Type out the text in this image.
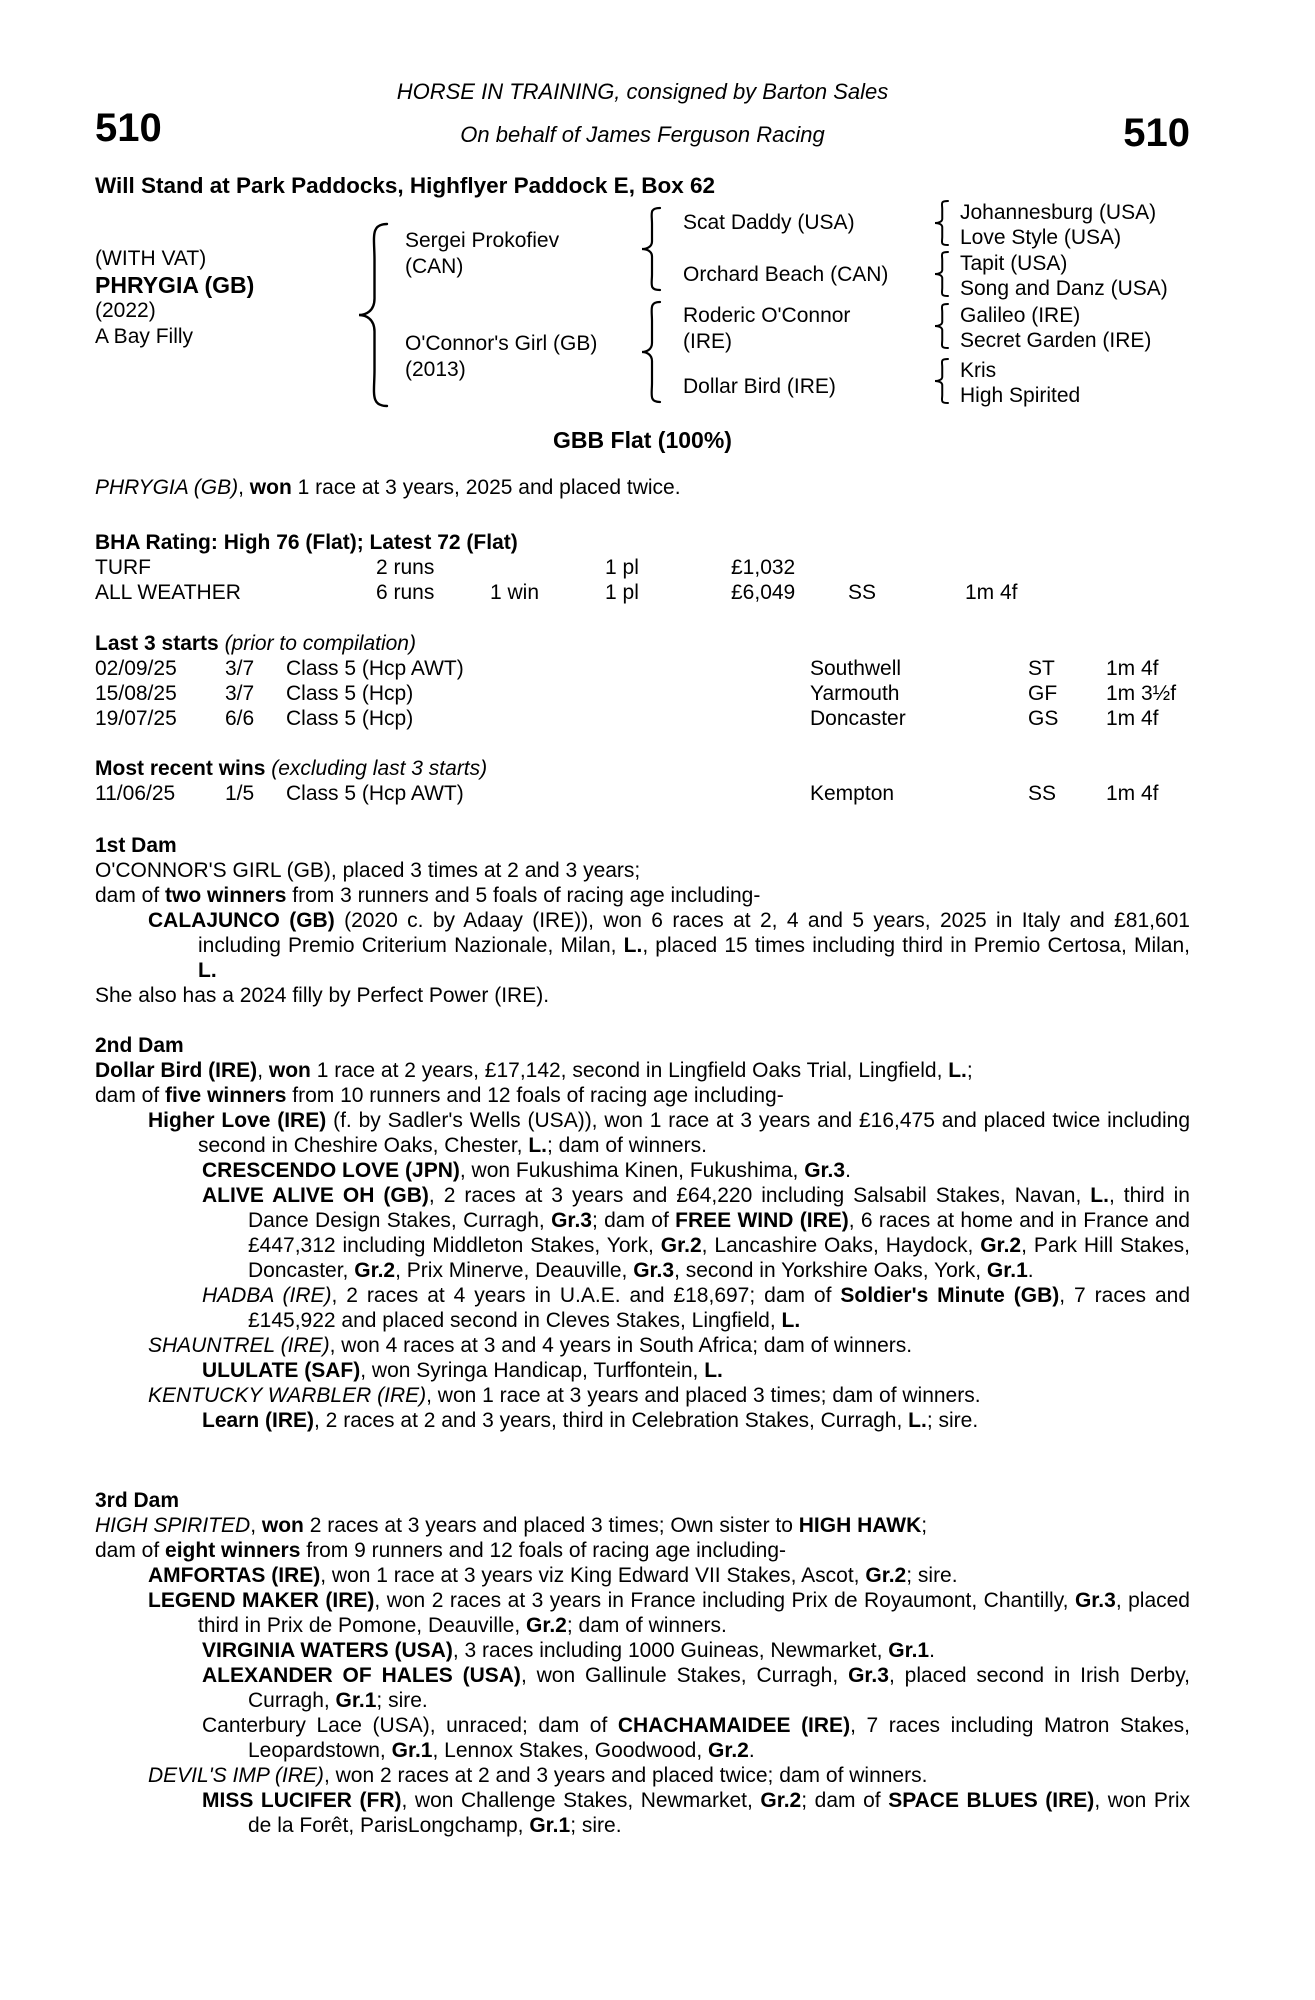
HORSE IN TRAINING, consigned by Barton Sales
510	510
On behalf of James Ferguson Racing
Will Stand at Park Paddocks, Highflyer Paddock E, Box 62
(WITH VAT)
PHRYGIA (GB)
(2022)
A Bay Filly
Sergei Prokofiev
(CAN)
O'Connor's Girl (GB)
(2013)
Scat Daddy (USA)
Orchard Beach (CAN)
Roderic O'Connor
(IRE)
Dollar Bird (IRE)
Johannesburg (USA)
Love Style (USA)
Tapit (USA)
Song and Danz (USA)
Galileo (IRE)
Secret Garden (IRE)
Kris
High Spirited
GBB Flat (100%)
PHRYGIA (GB), won 1 race at 3 years, 2025 and placed twice.
BHA Rating: High 76 (Flat); Latest 72 (Flat)
TURF	2 runs	1 pl	£1,032
ALL WEATHER	6 runs	1 win	1 pl	£6,049	SS	1m 4f
Last 3 starts (prior to compilation)
02/09/25 3/7 Class 5 (Hcp AWT)	Southwell	ST 1m 4f
15/08/25 3/7 Class 5 (Hcp)	Yarmouth	GF 1m 3½f
19/07/25 6/6 Class 5 (Hcp)	Doncaster	GS 1m 4f
Most recent wins (excluding last 3 starts)
11/06/25 1/5 Class 5 (Hcp AWT)	Kempton	SS 1m 4f
1st Dam

O'CONNOR'S GIRL (GB), placed 3 times at 2 and 3 years;

dam of two winners from 3 runners and 5 foals of racing age including-

CALAJUNCO (GB) (2020 c. by Adaay (IRE)), won 6 races at 2, 4 and 5 years, 2025 in Italy and £81,601 including Premio Criterium Nazionale, Milan, L., placed 15 times including third in Premio Certosa, Milan, L.

She also has a 2024 filly by Perfect Power (IRE).

2nd Dam

Dollar Bird (IRE), won 1 race at 2 years, £17,142, second in Lingfield Oaks Trial, Lingfield, L.;

dam of five winners from 10 runners and 12 foals of racing age including-

Higher Love (IRE) (f. by Sadler's Wells (USA)), won 1 race at 3 years and £16,475 and placed twice including second in Cheshire Oaks, Chester, L.; dam of winners.

CRESCENDO LOVE (JPN), won Fukushima Kinen, Fukushima, Gr.3.

ALIVE ALIVE OH (GB), 2 races at 3 years and £64,220 including Salsabil Stakes, Navan, L., third in Dance Design Stakes, Curragh, Gr.3; dam of FREE WIND (IRE), 6 races at home and in France and £447,312 including Middleton Stakes, York, Gr.2, Lancashire Oaks, Haydock, Gr.2, Park Hill Stakes, Doncaster, Gr.2, Prix Minerve, Deauville, Gr.3, second in Yorkshire Oaks, York, Gr.1.

HADBA (IRE), 2 races at 4 years in U.A.E. and £18,697; dam of Soldier's Minute (GB), 7 races and £145,922 and placed second in Cleves Stakes, Lingfield, L.

SHAUNTREL (IRE), won 4 races at 3 and 4 years in South Africa; dam of winners.

ULULATE (SAF), won Syringa Handicap, Turffontein, L.

KENTUCKY WARBLER (IRE), won 1 race at 3 years and placed 3 times; dam of winners.

Learn (IRE), 2 races at 2 and 3 years, third in Celebration Stakes, Curragh, L.; sire.

3rd Dam

HIGH SPIRITED, won 2 races at 3 years and placed 3 times; Own sister to HIGH HAWK;

dam of eight winners from 9 runners and 12 foals of racing age including-

AMFORTAS (IRE), won 1 race at 3 years viz King Edward VII Stakes, Ascot, Gr.2; sire.

LEGEND MAKER (IRE), won 2 races at 3 years in France including Prix de Royaumont, Chantilly, Gr.3, placed third in Prix de Pomone, Deauville, Gr.2; dam of winners.

VIRGINIA WATERS (USA), 3 races including 1000 Guineas, Newmarket, Gr.1.

ALEXANDER OF HALES (USA), won Gallinule Stakes, Curragh, Gr.3, placed second in Irish Derby, Curragh, Gr.1; sire.

Canterbury Lace (USA), unraced; dam of CHACHAMAIDEE (IRE), 7 races including Matron Stakes, Leopardstown, Gr.1, Lennox Stakes, Goodwood, Gr.2.

DEVIL'S IMP (IRE), won 2 races at 2 and 3 years and placed twice; dam of winners.

MISS LUCIFER (FR), won Challenge Stakes, Newmarket, Gr.2; dam of SPACE BLUES (IRE), won Prix de la Forêt, ParisLongchamp, Gr.1; sire.
